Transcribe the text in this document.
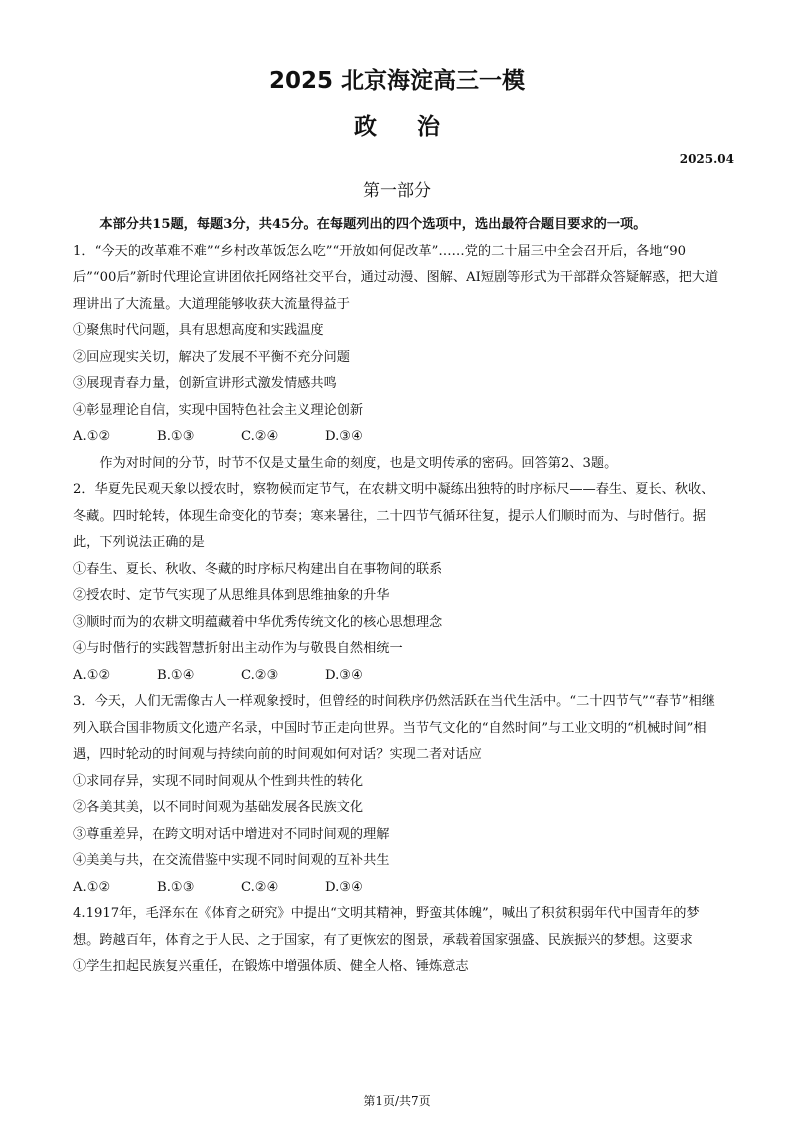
2025 北京海淀高三一模
政治
2025.04
第一部分

本部分共15题，每题3分，共45分。在每题列出的四个选项中，选出最符合题目要求的一项。

1．“今天的改革难不难”“乡村改革饭怎么吃”“开放如何促改革”……党的二十届三中全会召开后，各地“90后”“00后”新时代理论宣讲团依托网络社交平台，通过动漫、图解、AI短剧等形式为干部群众答疑解惑，把大道理讲出了大流量。大道理能够收获大流量得益于

①聚焦时代问题，具有思想高度和实践温度

②回应现实关切，解决了发展不平衡不充分问题

③展现青春力量，创新宣讲形式激发情感共鸣

④彰显理论自信，实现中国特色社会主义理论创新

A.①②	B.①③	C.②④	D.③④

作为对时间的分节，时节不仅是丈量生命的刻度，也是文明传承的密码。回答第2、3题。

2．华夏先民观天象以授农时，察物候而定节气，在农耕文明中凝练出独特的时序标尺——春生、夏长、秋收、冬藏。四时轮转，体现生命变化的节奏；寒来暑往，二十四节气循环往复，提示人们顺时而为、与时偕行。据此，下列说法正确的是

①春生、夏长、秋收、冬藏的时序标尺构建出自在事物间的联系

②授农时、定节气实现了从思维具体到思维抽象的升华

③顺时而为的农耕文明蕴藏着中华优秀传统文化的核心思想理念

④与时偕行的实践智慧折射出主动作为与敬畏自然相统一

A.①②	B.①④	C.②③	D.③④

3．今天，人们无需像古人一样观象授时，但曾经的时间秩序仍然活跃在当代生活中。“二十四节气”“春节”相继列入联合国非物质文化遗产名录，中国时节正走向世界。当节气文化的“自然时间”与工业文明的“机械时间”相遇，四时轮动的时间观与持续向前的时间观如何对话？实现二者对话应

①求同存异，实现不同时间观从个性到共性的转化

②各美其美，以不同时间观为基础发展各民族文化

③尊重差异，在跨文明对话中增进对不同时间观的理解

④美美与共，在交流借鉴中实现不同时间观的互补共生

A.①②	B.①③	C.②④	D.③④

4.1917年，毛泽东在《体育之研究》中提出“文明其精神，野蛮其体魄”，喊出了积贫积弱年代中国青年的梦想。跨越百年，体育之于人民、之于国家，有了更恢宏的图景，承载着国家强盛、民族振兴的梦想。这要求

①学生扣起民族复兴重任，在锻炼中增强体质、健全人格、锤炼意志

第1页/共7页
